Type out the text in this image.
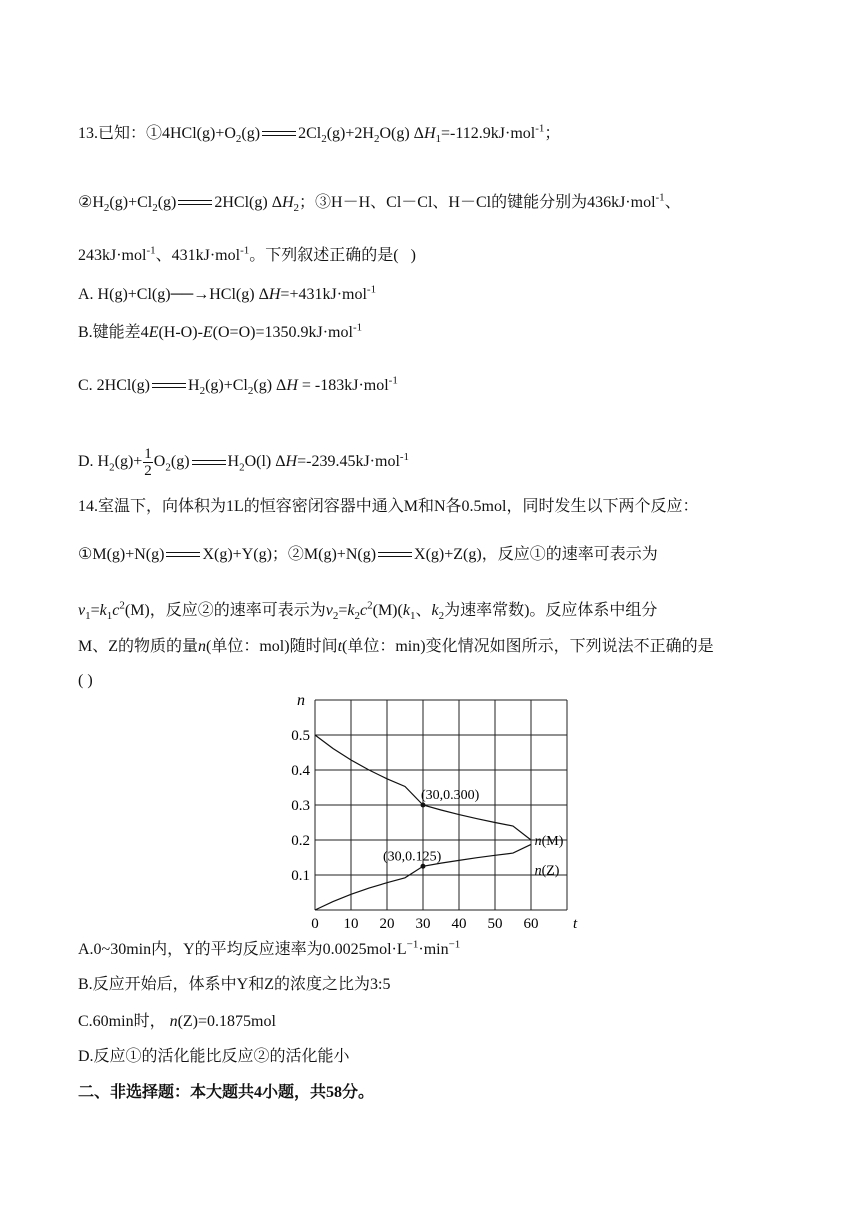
13.已知：$①4HCl(g)+O_2(g)$ $2Cl_2(g)+2H_2O(g)$ $\Delta H_1=-112.9kJ\cdot mol^{-1}$；
$②H_2(g)+Cl_2(g)$ 2HCl(g) $\Delta H_2$；③H－H、Cl－Cl、H－Cl的键能分别为436kJ·mol$^{-1}$、
243kJ·mol$^{-1}$、431kJ·mol$^{-1}$。下列叙述正确的是(   )
A. H(g)+Cl(g)──→HCl(g) ΔH=+431kJ·mol$^{-1}$
B.键能差4E(H-O)-E(O=O)=1350.9kJ·mol$^{-1}$
C. 2HCl(g) $H_2(g)+Cl_2(g) \Delta H = -183kJ\cdot mol^{-1}$
D. $H_2(g)+ \frac{1}{2} O_2(g)$ $H_2O(l)$ ΔH=-239.45kJ·mol$^{-1}$
14.室温下，向体积为1L的恒容密闭容器中通入M和N各0.5mol，同时发生以下两个反应：
①M(g)+N(g) X(g)+Y(g)；②M(g)+N(g) X(g)+Z(g)，反应①的速率可表示为
$v_1=k_1c^2(M)$，反应②的速率可表示为$v_2=k_2c^2(M)(k_1$、$k_2$为速率常数)。反应体系中组分
M、Z的物质的量n(单位：mol)随时间t(单位：min)变化情况如图所示，下列说法不正确的是
( )
0 10 20 30 40 50 60
0.1
0.2
0.3
0.4
0.5
t
n
n(M)
n(Z)
(30,0.300)
(30,0.125)
A.0~30min内，Y的平均反应速率为$0.0025mol\cdot L^{-1}\cdot\min^{-1}$
B.反应开始后，体系中Y和Z的浓度之比为3:5
C.60min时， n(Z)=0.1875mol
D.反应①的活化能比反应②的活化能小
二、非选择题：本大题共4小题，共58分。
